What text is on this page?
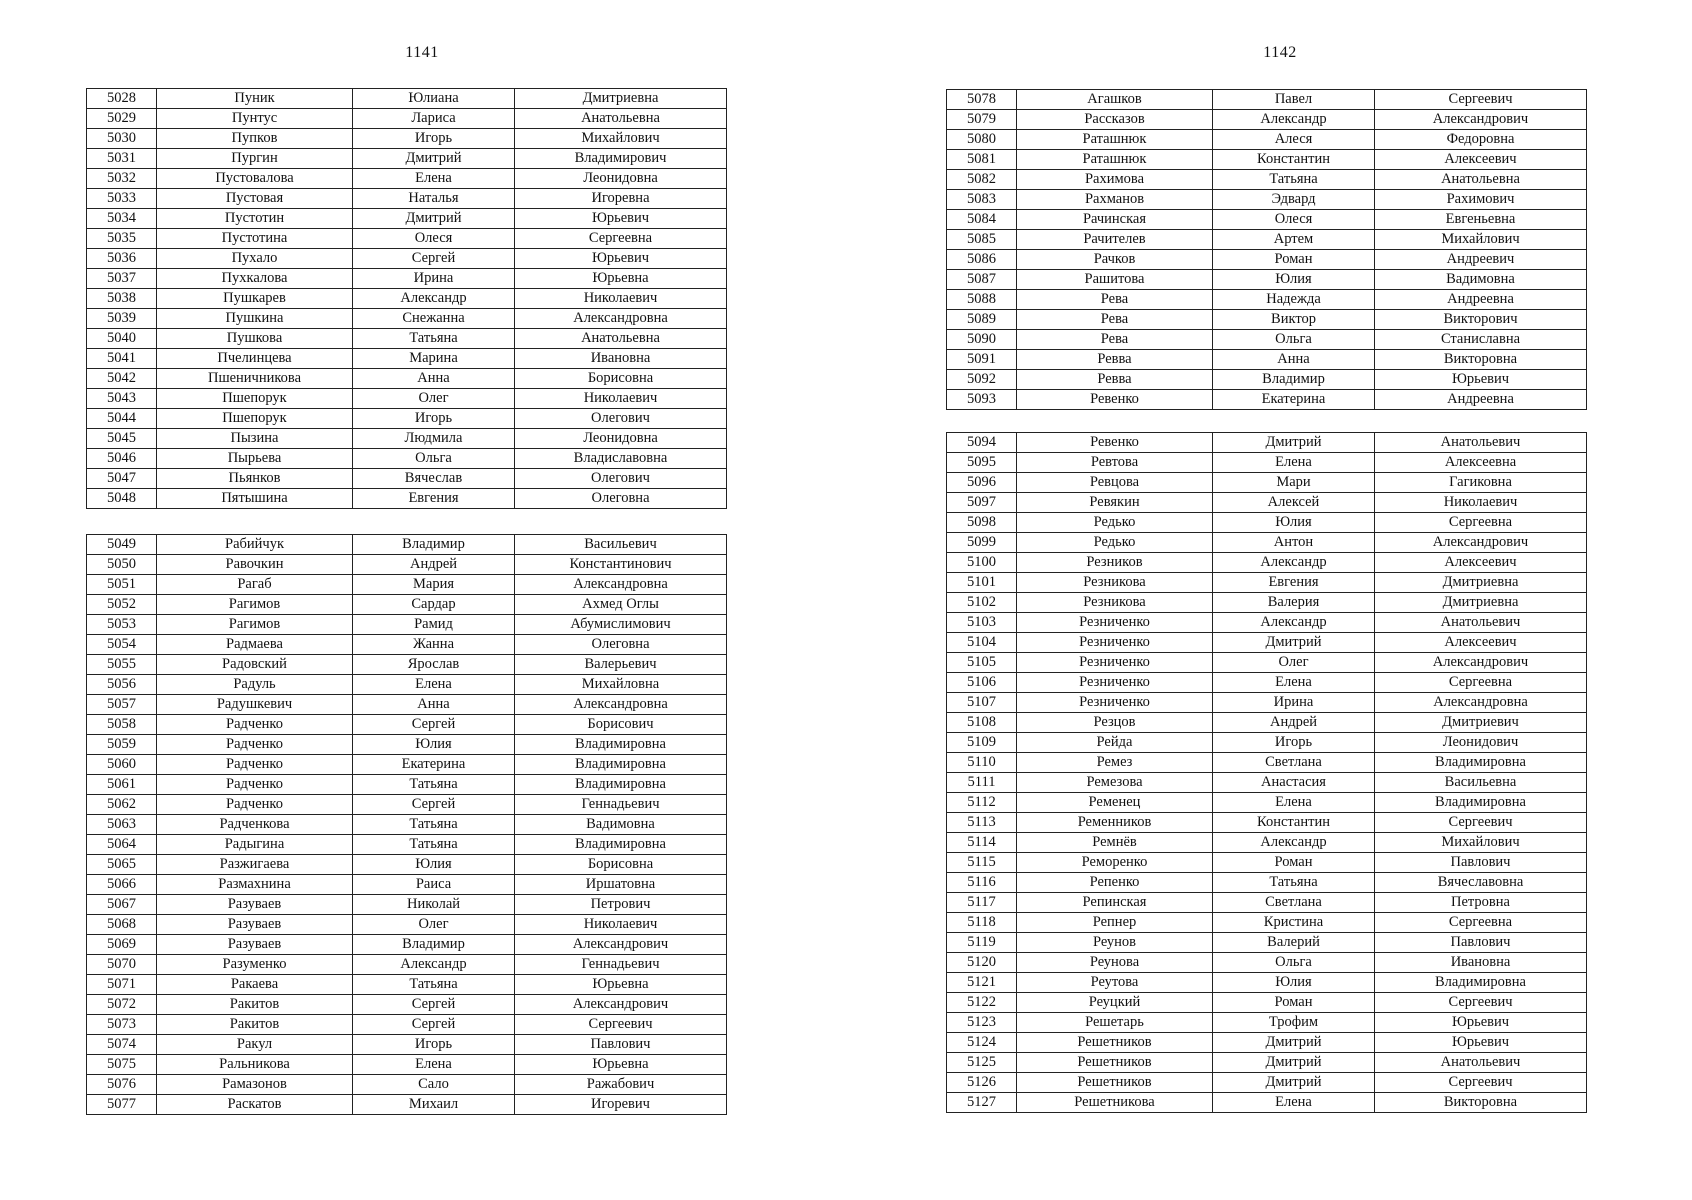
1141
5028	Пуник	Юлиана	Дмитриевна
5029	Пунтус	Лариса	Анатольевна
5030	Пупков	Игорь	Михайлович
5031	Пургин	Дмитрий	Владимирович
5032	Пустовалова	Елена	Леонидовна
5033	Пустовая	Наталья	Игоревна
5034	Пустотин	Дмитрий	Юрьевич
5035	Пустотина	Олеся	Сергеевна
5036	Пухало	Сергей	Юрьевич
5037	Пухкалова	Ирина	Юрьевна
5038	Пушкарев	Александр	Николаевич
5039	Пушкина	Снежанна	Александровна
5040	Пушкова	Татьяна	Анатольевна
5041	Пчелинцева	Марина	Ивановна
5042	Пшеничникова	Анна	Борисовна
5043	Пшепорук	Олег	Николаевич
5044	Пшепорук	Игорь	Олегович
5045	Пызина	Людмила	Леонидовна
5046	Пырьева	Ольга	Владиславовна
5047	Пьянков	Вячеслав	Олегович
5048	Пятышина	Евгения	Олеговна
5049	Рабийчук	Владимир	Васильевич
5050	Равочкин	Андрей	Константинович
5051	Рагаб	Мария	Александровна
5052	Рагимов	Сардар	Ахмед Оглы
5053	Рагимов	Рамид	Абумислимович
5054	Радмаева	Жанна	Олеговна
5055	Радовский	Ярослав	Валерьевич
5056	Радуль	Елена	Михайловна
5057	Радушкевич	Анна	Александровна
5058	Радченко	Сергей	Борисович
5059	Радченко	Юлия	Владимировна
5060	Радченко	Екатерина	Владимировна
5061	Радченко	Татьяна	Владимировна
5062	Радченко	Сергей	Геннадьевич
5063	Радченкова	Татьяна	Вадимовна
5064	Радыгина	Татьяна	Владимировна
5065	Разжигаева	Юлия	Борисовна
5066	Размахнина	Раиса	Иршатовна
5067	Разуваев	Николай	Петрович
5068	Разуваев	Олег	Николаевич
5069	Разуваев	Владимир	Александрович
5070	Разуменко	Александр	Геннадьевич
5071	Ракаева	Татьяна	Юрьевна
5072	Ракитов	Сергей	Александрович
5073	Ракитов	Сергей	Сергеевич
5074	Ракул	Игорь	Павлович
5075	Ральникова	Елена	Юрьевна
5076	Рамазонов	Сало	Ражабович
5077	Раскатов	Михаил	Игоревич
1142
5078	Агашков	Павел	Сергеевич
5079	Рассказов	Александр	Александрович
5080	Раташнюк	Алеся	Федоровна
5081	Раташнюк	Константин	Алексеевич
5082	Рахимова	Татьяна	Анатольевна
5083	Рахманов	Эдвард	Рахимович
5084	Рачинская	Олеся	Евгеньевна
5085	Рачителев	Артем	Михайлович
5086	Рачков	Роман	Андреевич
5087	Рашитова	Юлия	Вадимовна
5088	Рева	Надежда	Андреевна
5089	Рева	Виктор	Викторович
5090	Рева	Ольга	Станиславна
5091	Ревва	Анна	Викторовна
5092	Ревва	Владимир	Юрьевич
5093	Ревенко	Екатерина	Андреевна
5094	Ревенко	Дмитрий	Анатольевич
5095	Ревтова	Елена	Алексеевна
5096	Ревцова	Мари	Гагиковна
5097	Ревякин	Алексей	Николаевич
5098	Редько	Юлия	Сергеевна
5099	Редько	Антон	Александрович
5100	Резников	Александр	Алексеевич
5101	Резникова	Евгения	Дмитриевна
5102	Резникова	Валерия	Дмитриевна
5103	Резниченко	Александр	Анатольевич
5104	Резниченко	Дмитрий	Алексеевич
5105	Резниченко	Олег	Александрович
5106	Резниченко	Елена	Сергеевна
5107	Резниченко	Ирина	Александровна
5108	Резцов	Андрей	Дмитриевич
5109	Рейда	Игорь	Леонидович
5110	Ремез	Светлана	Владимировна
5111	Ремезова	Анастасия	Васильевна
5112	Ременец	Елена	Владимировна
5113	Ременников	Константин	Сергеевич
5114	Ремнёв	Александр	Михайлович
5115	Реморенко	Роман	Павлович
5116	Репенко	Татьяна	Вячеславовна
5117	Репинская	Светлана	Петровна
5118	Репнер	Кристина	Сергеевна
5119	Реунов	Валерий	Павлович
5120	Реунова	Ольга	Ивановна
5121	Реутова	Юлия	Владимировна
5122	Реуцкий	Роман	Сергеевич
5123	Решетарь	Трофим	Юрьевич
5124	Решетников	Дмитрий	Юрьевич
5125	Решетников	Дмитрий	Анатольевич
5126	Решетников	Дмитрий	Сергеевич
5127	Решетникова	Елена	Викторовна
